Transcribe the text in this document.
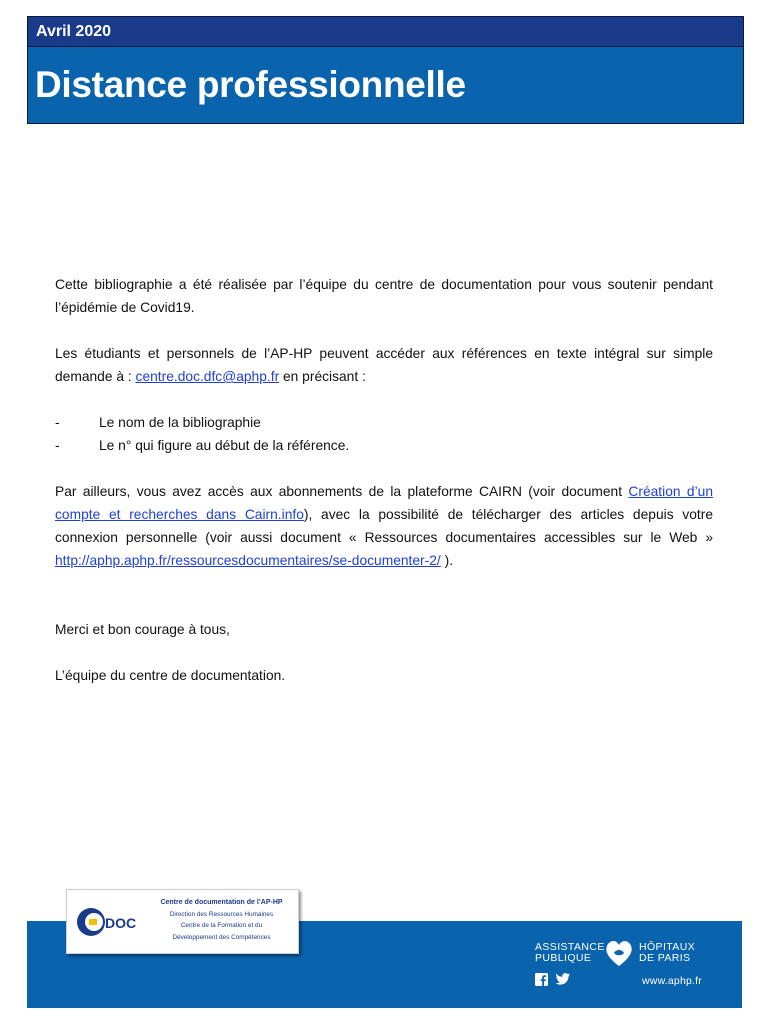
Avril 2020
Distance professionnelle

Cette bibliographie a été réalisée par l’équipe du centre de documentation pour vous soutenir pendant l’épidémie de Covid19.

Les étudiants et personnels de l’AP-HP peuvent accéder aux références en texte intégral sur simple demande à : centre.doc.dfc@aphp.fr en précisant :

-	Le nom de la bibliographie
-	Le n° qui figure au début de la référence.

Par ailleurs, vous avez accès aux abonnements de la plateforme CAIRN (voir document Création d’un compte et recherches dans Cairn.info), avec la possibilité de télécharger des articles depuis votre connexion personnelle (voir aussi document « Ressources documentaires accessibles sur le Web » http://aphp.aphp.fr/ressourcesdocumentaires/se-documenter-2/ ).

Merci et bon courage à tous,

L’équipe du centre de documentation.

DOC
Centre de documentation de l’AP-HP
Direction des Ressources Humaines
Centre de la Formation et du
Développement des Compétences
ASSISTANCE
PUBLIQUE
HÔPITAUX
DE PARIS
www.aphp.fr
